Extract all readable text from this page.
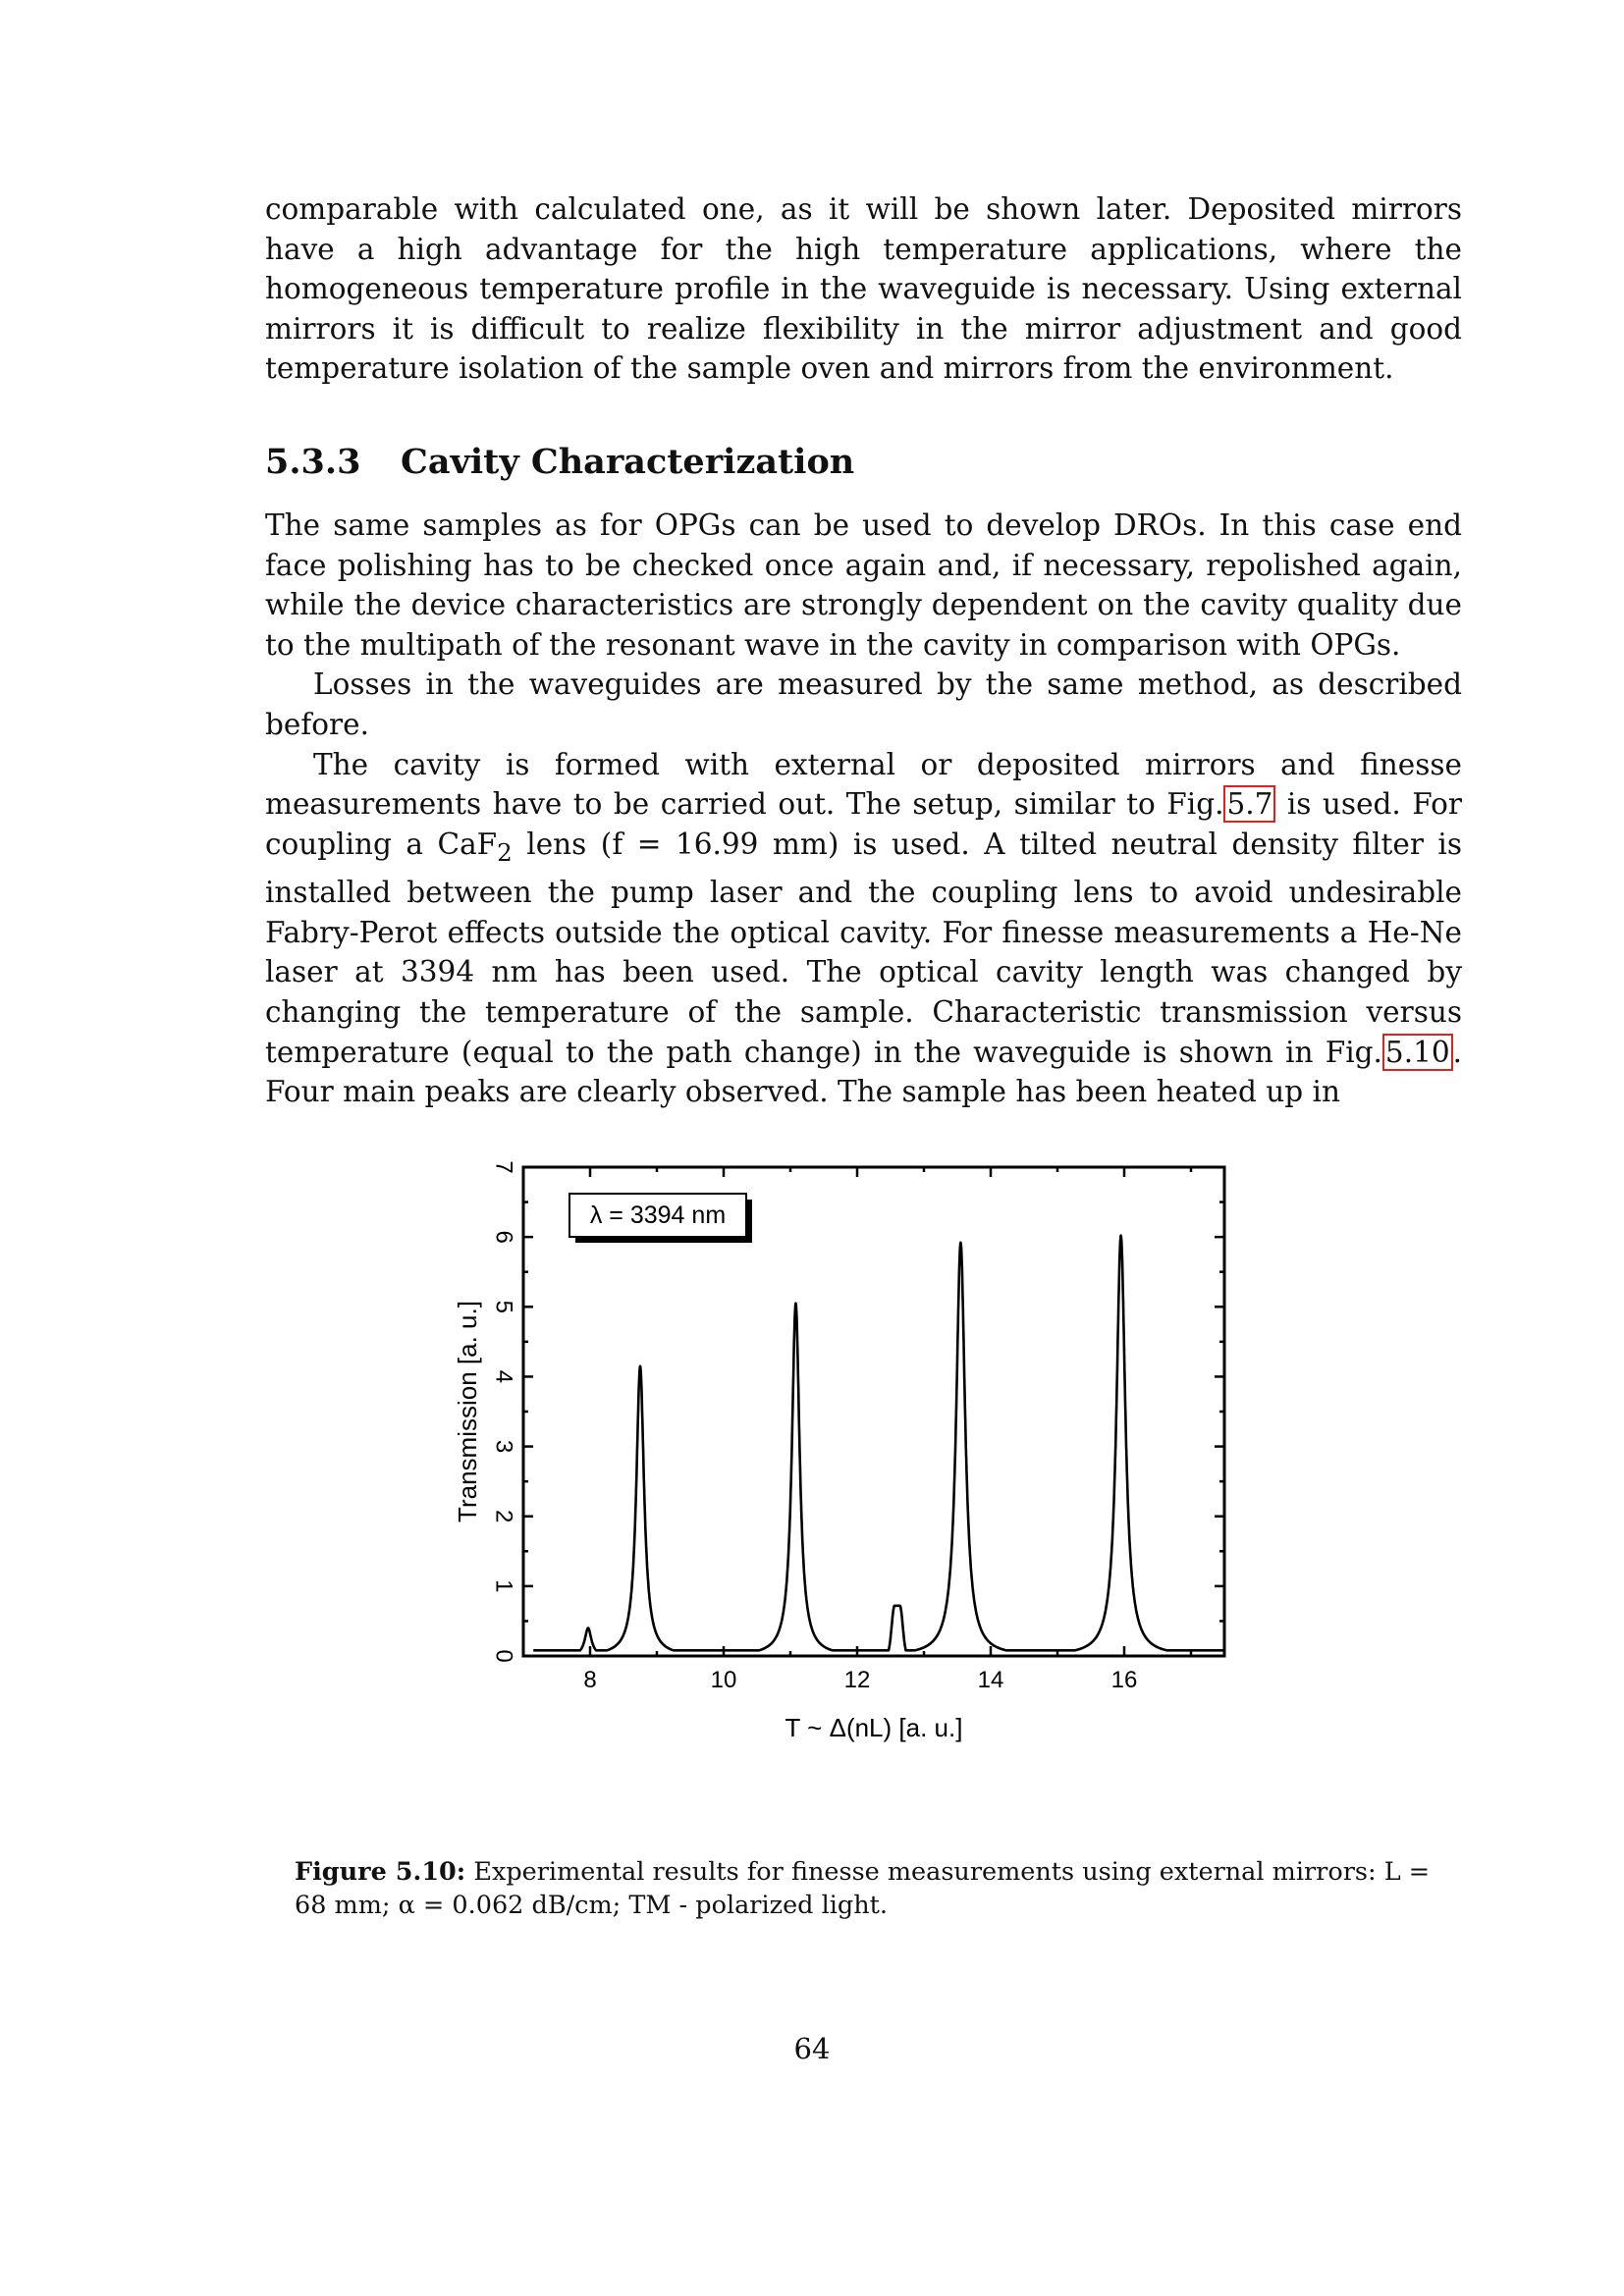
comparable with calculated one, as it will be shown later. Deposited mirrors have a high advantage for the high temperature applications, where the homogeneous temperature profile in the waveguide is necessary. Using external mirrors it is difficult to realize flexibility in the mirror adjustment and good temperature isolation of the sample oven and mirrors from the environment.

5.3.3 Cavity Characterization

The same samples as for OPGs can be used to develop DROs. In this case end face polishing has to be checked once again and, if necessary, repolished again, while the device characteristics are strongly dependent on the cavity quality due to the multipath of the resonant wave in the cavity in comparison with OPGs.

Losses in the waveguides are measured by the same method, as described before.

The cavity is formed with external or deposited mirrors and finesse measurements have to be carried out. The setup, similar to Fig. 5.7 is used. For coupling a CaF$_2$ lens (f = 16.99 mm) is used. A tilted neutral density filter is installed between the pump laser and the coupling lens to avoid undesirable Fabry-Perot effects outside the optical cavity. For finesse measurements a He-Ne laser at 3394 nm has been used. The optical cavity length was changed by changing the temperature of the sample. Characteristic transmission versus temperature (equal to the path change) in the waveguide is shown in Fig. 5.10 . Four main peaks are clearly observed. The sample has been heated up in

8	10	12	14	16
0
1
2
3
4
5
6
7
T ~ Δ(nL) [a. u.]
Transmission [a. u.]
λ = 3394 nm
Figure 5.10: Experimental results for finesse measurements using external mirrors: L = 68 mm; α = 0.062 dB/cm; TM - polarized light.
64
